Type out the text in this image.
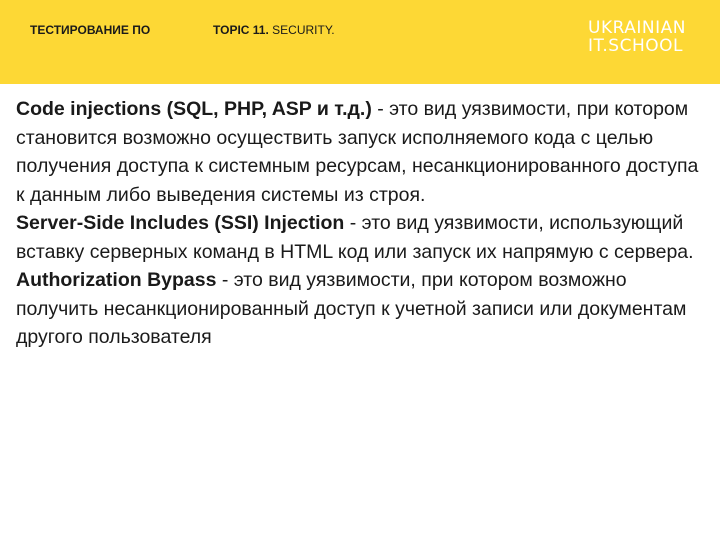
ТЕСТИРОВАНИЕ ПО	TOPIC 11. SECURITY.	UKRAINIAN
IT.SCHOOL

Code injections (SQL, PHP, ASP и т.д.) - это вид уязвимости, при котором становится возможно осуществить запуск исполняемого кода с целью получения доступа к системным ресурсам, несанкционированного доступа к данным либо выведения системы из строя.

Server-Side Includes (SSI) Injection - это вид уязвимости, использующий вставку серверных команд в HTML код или запуск их напрямую с сервера.

Authorization Bypass - это вид уязвимости, при котором возможно получить несанкционированный доступ к учетной записи или документам другого пользователя
